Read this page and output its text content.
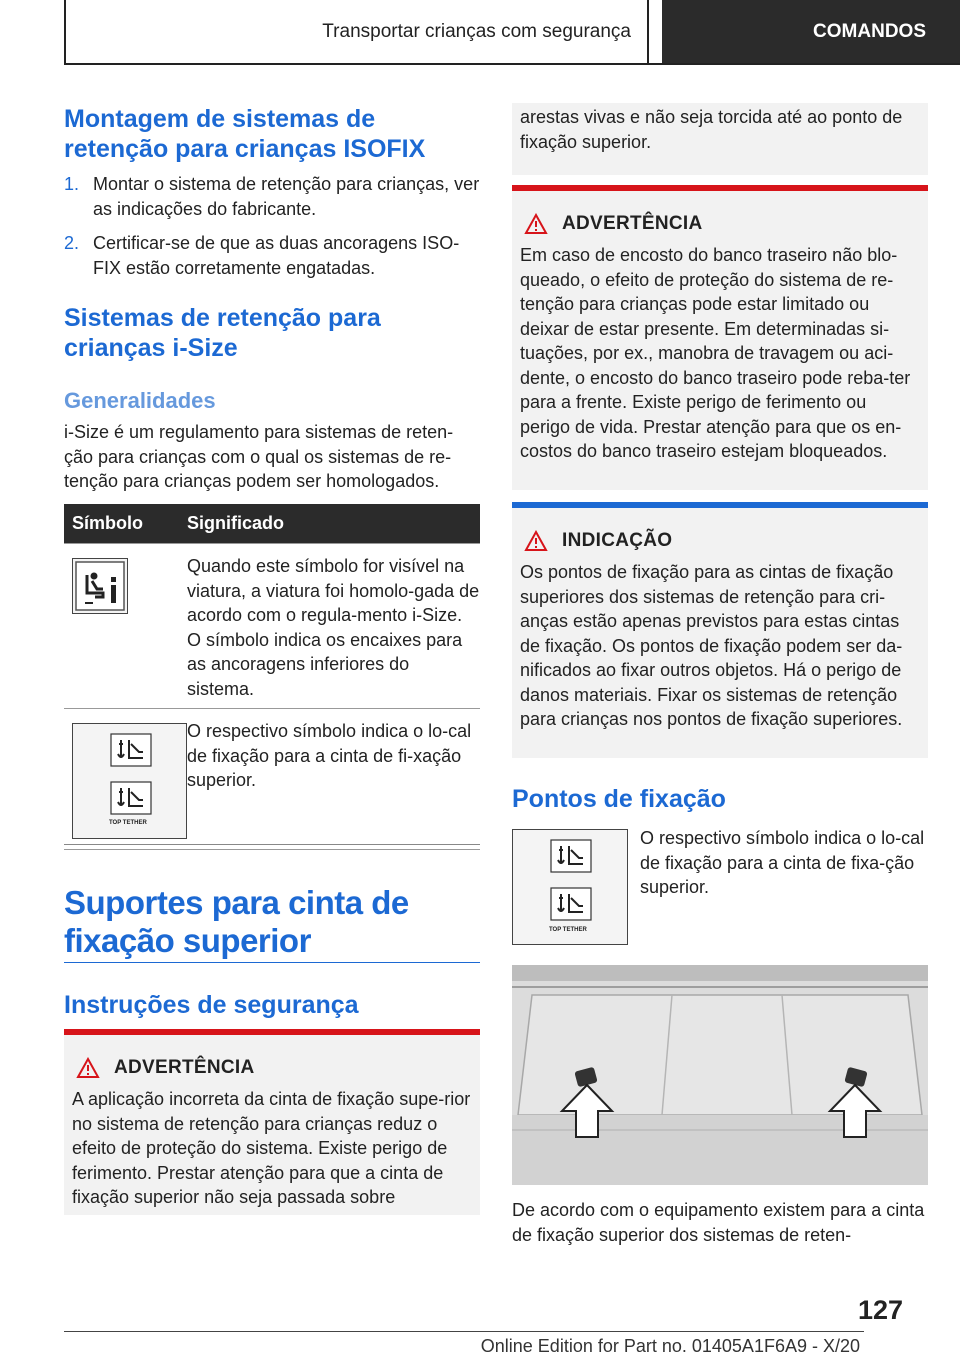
Transportar crianças com segurança	COMANDOS
Montagem de sistemas de retenção para crianças ISOFIX
1. Montar o sistema de retenção para crianças, ver as indicações do fabricante.
2. Certificar-se de que as duas ancoragens ISO-FIX estão corretamente engatadas.
Sistemas de retenção para crianças i-Size
Generalidades
i-Size é um regulamento para sistemas de reten-ção para crianças com o qual os sistemas de re-tenção para crianças podem ser homologados.
Símbolo	Significado
Quando este símbolo for visível na viatura, a viatura foi homolo-gada de acordo com o regula-mento i-Size. O símbolo indica os encaixes para as ancoragens inferiores do sistema.
TOP TETHER
O respectivo símbolo indica o lo-cal de fixação para a cinta de fi-xação superior.
Suportes para cinta de fixação superior
Instruções de segurança
ADVERTÊNCIA
A aplicação incorreta da cinta de fixação supe-rior no sistema de retenção para crianças reduz o efeito de proteção do sistema. Existe perigo de ferimento. Prestar atenção para que a cinta de fixação superior não seja passada sobre
arestas vivas e não seja torcida até ao ponto de fixação superior.
ADVERTÊNCIA
Em caso de encosto do banco traseiro não blo-queado, o efeito de proteção do sistema de re-tenção para crianças pode estar limitado ou deixar de estar presente. Em determinadas si-tuações, por ex., manobra de travagem ou aci-dente, o encosto do banco traseiro pode reba-ter para a frente. Existe perigo de ferimento ou perigo de vida. Prestar atenção para que os en-costos do banco traseiro estejam bloqueados.
INDICAÇÃO
Os pontos de fixação para as cintas de fixação superiores dos sistemas de retenção para cri-anças estão apenas previstos para estas cintas de fixação. Os pontos de fixação podem ser da-nificados ao fixar outros objetos. Há o perigo de danos materiais. Fixar os sistemas de retenção para crianças nos pontos de fixação superiores.
Pontos de fixação
TOP TETHER
O respectivo símbolo indica o lo-cal de fixação para a cinta de fixa-ção superior.
De acordo com o equipamento existem para a cinta de fixação superior dos sistemas de reten-
127
Online Edition for Part no. 01405A1F6A9 - X/20
